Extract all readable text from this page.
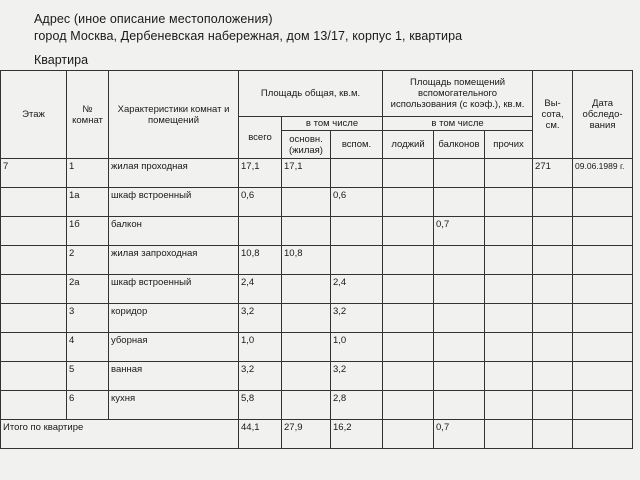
Адрес (иное описание местоположения)
город Москва, Дербеневская набережная, дом 13/17, корпус 1, квартира
Квартира
Этаж	№ комнат	Характеристики комнат и помещений	Площадь общая, кв.м.			Площадь помещений вспомогательного использования (с коэф.), кв.м.			Вы-сота, см.	Дата обследо-вания
			всего	в том числе		в том числе				
				основн. (жилая)	вспом.	лоджий	балконов	прочих		
7	1	жилая проходная	17,1	17,1					271	09.06.1989 г.
	1а	шкаф встроенный	0,6		0,6					
	1б	балкон					0,7			
	2	жилая запроходная	10,8	10,8						
	2а	шкаф встроенный	2,4		2,4					
	3	коридор	3,2		3,2					
	4	уборная	1,0		1,0					
	5	ванная	3,2		3,2					
	6	кухня	5,8		2,8					
Итого по квартире			44,1	27,9	16,2		0,7			
